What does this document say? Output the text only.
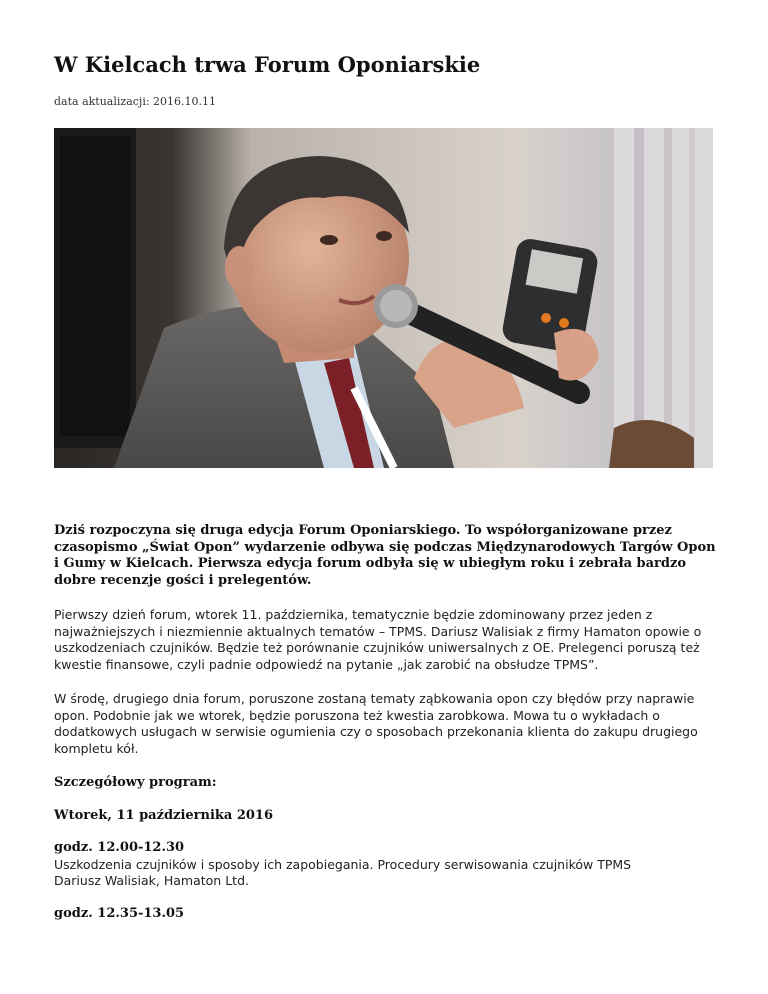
W Kielcach trwa Forum Oponiarskie
data aktualizacji: 2016.10.11

Dziś rozpoczyna się druga edycja Forum Oponiarskiego. To współorganizowane przez czasopismo „Świat Opon” wydarzenie odbywa się podczas Międzynarodowych Targów Opon i Gumy w Kielcach. Pierwsza edycja forum odbyła się w ubiegłym roku i zebrała bardzo dobre recenzje gości i prelegentów.

Pierwszy dzień forum, wtorek 11. października, tematycznie będzie zdominowany przez jeden z najważniejszych i niezmiennie aktualnych tematów – TPMS. Dariusz Walisiak z firmy Hamaton opowie o uszkodzeniach czujników. Będzie też porównanie czujników uniwersalnych z OE. Prelegenci poruszą też kwestie finansowe, czyli padnie odpowiedź na pytanie „jak zarobić na obsłudze TPMS”.

W środę, drugiego dnia forum, poruszone zostaną tematy ząbkowania opon czy błędów przy naprawie opon. Podobnie jak we wtorek, będzie poruszona też kwestia zarobkowa. Mowa tu o wykładach o dodatkowych usługach w serwisie ogumienia czy o sposobach przekonania klienta do zakupu drugiego kompletu kół.

Szczegółowy program:

Wtorek, 11 października 2016

godz. 12.00-12.30
Uszkodzenia czujników i sposoby ich zapobiegania. Procedury serwisowania czujników TPMS
Dariusz Walisiak, Hamaton Ltd.
godz. 12.35-13.05
